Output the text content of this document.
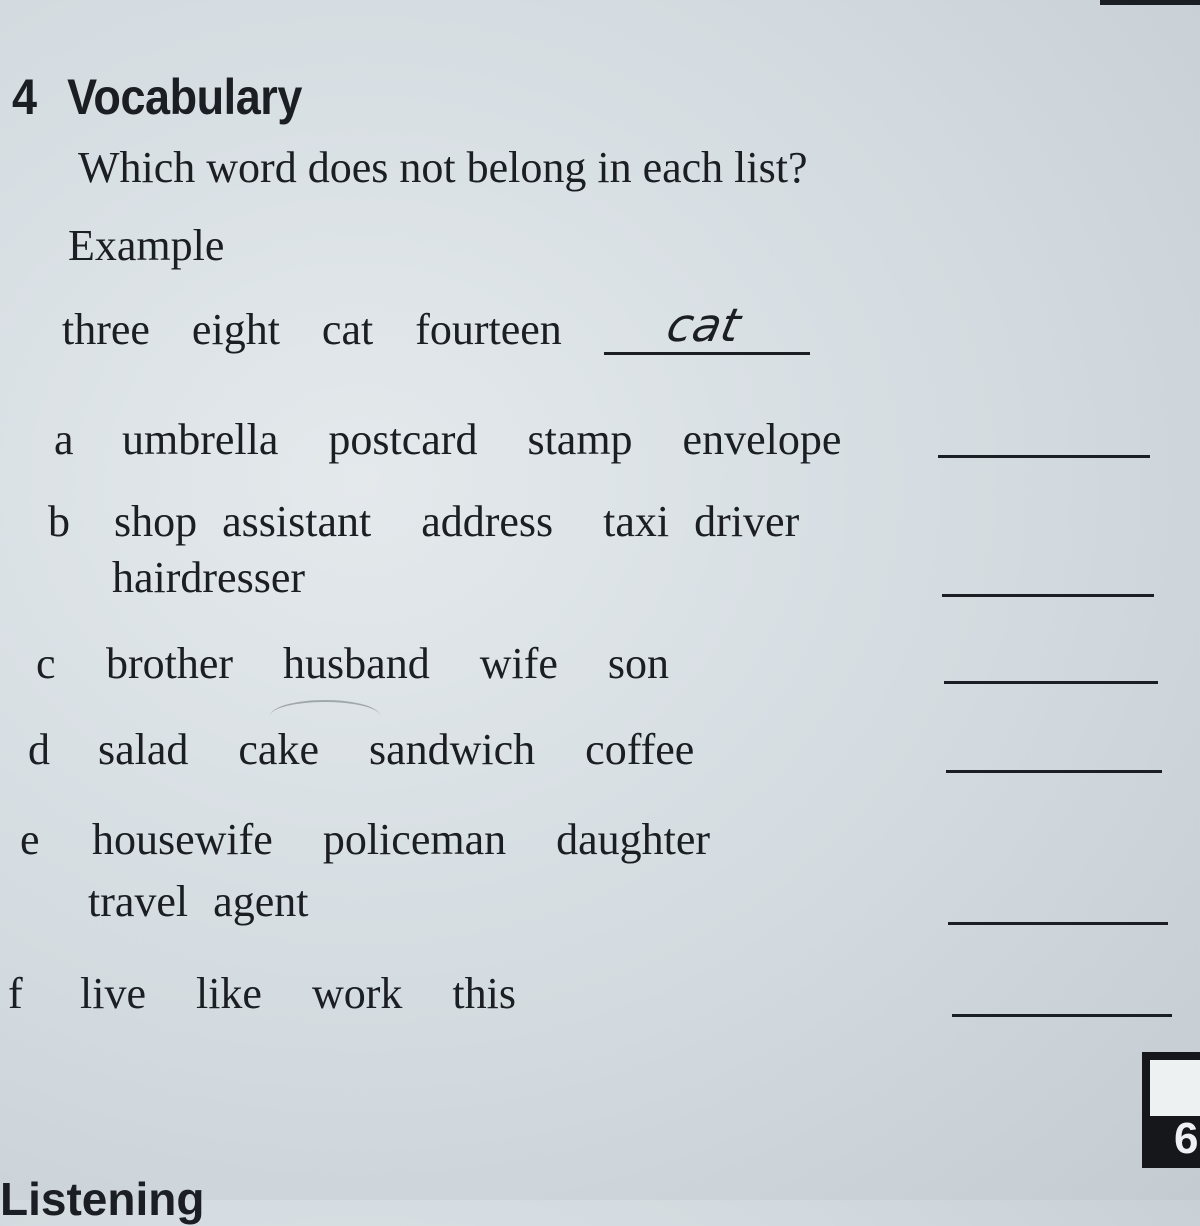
4 Vocabulary
Which word does not belong in each list?
Example
three  eight  cat  fourteen cat
a umbrella  postcard  stamp  envelope
b shop assistant  address  taxi driver
hairdresser
c brother  husband  wife  son
d salad  cake  sandwich  coffee
e housewife  policeman  daughter
travel agent
f live  like  work  this
6
Listening
